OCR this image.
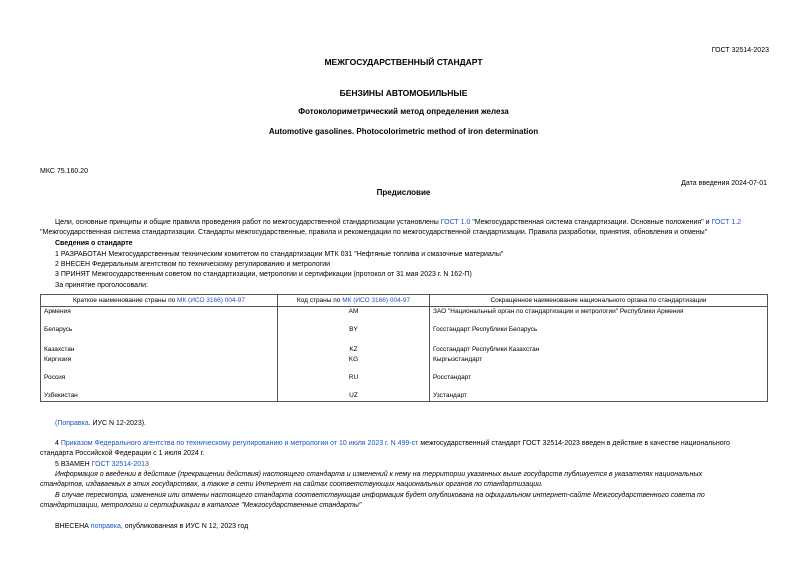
ГОСТ 32514-2023
МЕЖГОСУДАРСТВЕННЫЙ СТАНДАРТ
БЕНЗИНЫ АВТОМОБИЛЬНЫЕ
Фотоколориметрический метод определения железа
Automotive gasolines. Photocolorimetric method of iron determination
МКС 75.160.20
Дата введения 2024-07-01
Предисловие
Цели, основные принципы и общие правила проведения работ по межгосударственной стандартизации установлены ГОСТ 1.0 "Межгосударственная система стандартизации. Основные положения" и ГОСТ 1.2
"Межгосударственная система стандартизации. Стандарты межгосударственные, правила и рекомендации по межгосударственной стандартизации. Правила разработки, принятия, обновления и отмены"
Сведения о стандарте
1 РАЗРАБОТАН Межгосударственным техническим комитетом по стандартизации МТК 031 "Нефтяные топлива и смазочные материалы"
2 ВНЕСЕН Федеральным агентством по техническому регулированию и метрологии
3 ПРИНЯТ Межгосударственным советом по стандартизации, метрологии и сертификации (протокол от 31 мая 2023 г. N 162-П)
За принятие проголосовали:
Краткое наименование страны по МК (ИСО 3166) 004-97	Код страны по МК (ИСО 3166) 004-97	Сокращенное наименование национального органа по стандартизации
Армения	AM	ЗАО "Национальный орган по стандартизации и метрологии" Республики Армения
Беларусь	BY	Госстандарт Республики Беларусь
Казахстан	KZ	Госстандарт Республики Казахстан
Киргизия	KG	Кыргызстандарт
Россия	RU	Росстандарт
Узбекистан	UZ	Узстандарт
(Поправка. ИУС N 12-2023).
4 Приказом Федерального агентства по техническому регулированию и метрологии от 10 июля 2023 г. N 499-ст межгосударственный стандарт ГОСТ 32514-2023 введен в действие в качестве национального
стандарта Российской Федерации с 1 июля 2024 г.
5 ВЗАМЕН ГОСТ 32514-2013
Информация о введении в действие (прекращении действия) настоящего стандарта и изменений к нему на территории указанных выше государств публикуется в указателях национальных
стандартов, издаваемых в этих государствах, а также в сети Интернет на сайтах соответствующих национальных органов по стандартизации.
В случае пересмотра, изменения или отмены настоящего стандарта соответствующая информация будет опубликована на официальном интернет-сайте Межгосударственного совета по
стандартизации, метрологии и сертификации в каталоге "Межгосударственные стандарты"
ВНЕСЕНА поправка, опубликованная в ИУС N 12, 2023 год
